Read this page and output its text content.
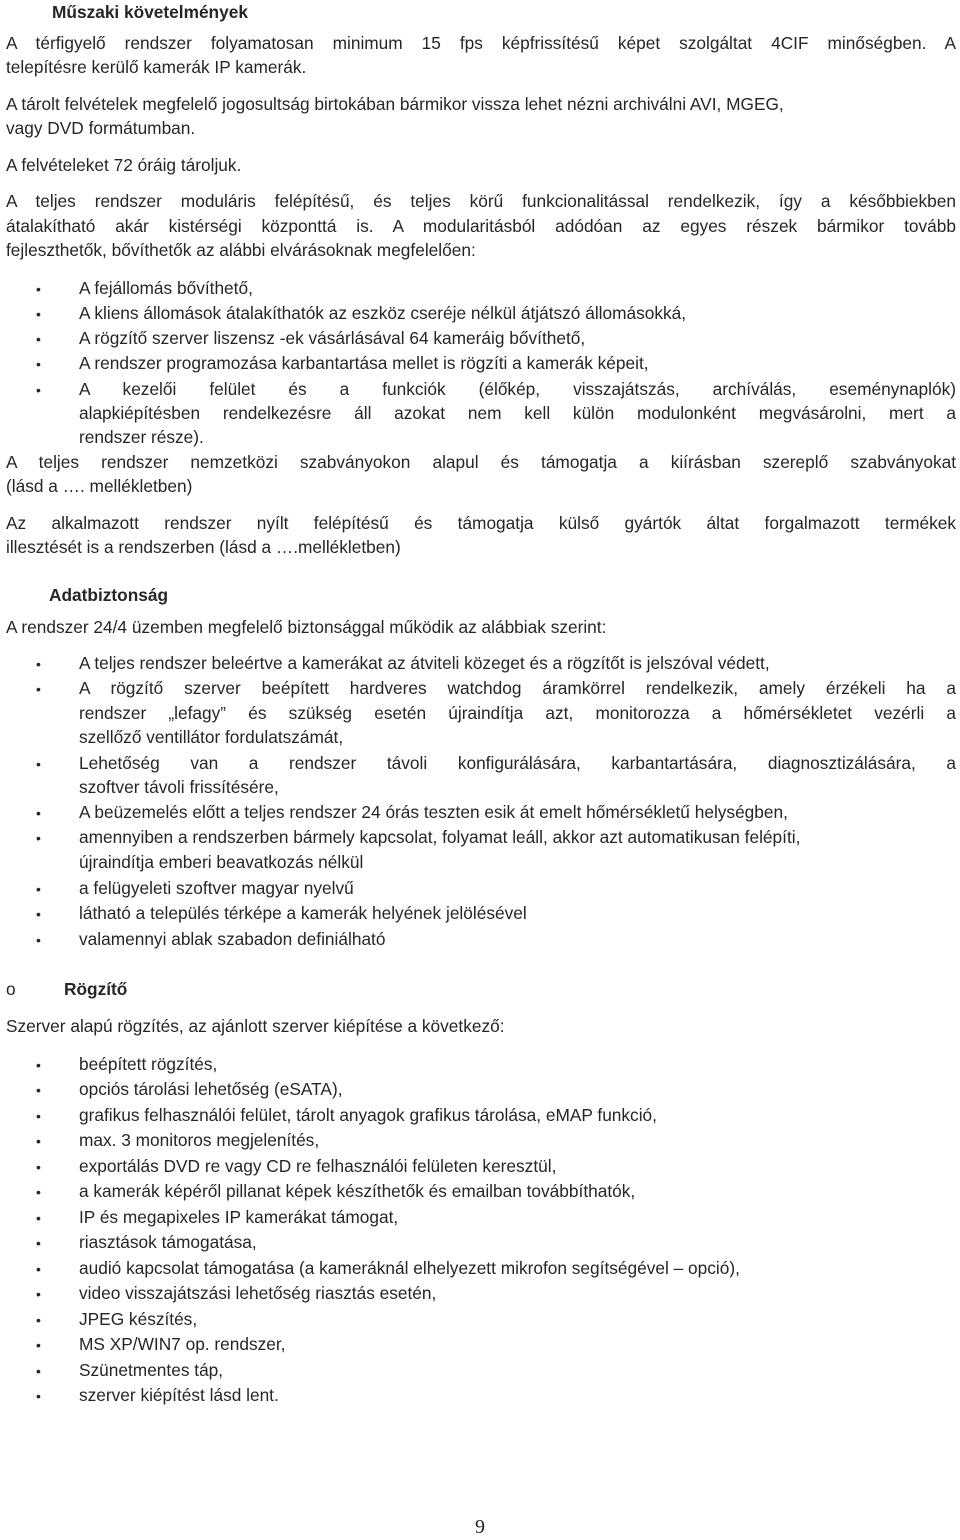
Műszaki követelmények

A térfigyelő rendszer folyamatosan minimum 15 fps képfrissítésű képet szolgáltat 4CIF minőségben. A

telepítésre kerülő kamerák IP kamerák.

A tárolt felvételek megfelelő jogosultság birtokában bármikor vissza lehet nézni archiválni AVI, MGEG,

vagy DVD formátumban.

A felvételeket 72 óráig tároljuk.

A teljes rendszer moduláris felépítésű, és teljes körű funkcionalitással rendelkezik, így a későbbiekben

átalakítható akár kistérségi központtá is. A modularitásból adódóan az egyes részek bármikor tovább

fejleszthetők, bővíthetők az alábbi elvárásoknak megfelelően:

• A fejállomás bővíthető,

• A kliens állomások átalakíthatók az eszköz cseréje nélkül átjátszó állomásokká,

• A rögzítő szerver liszensz -ek vásárlásával 64 kameráig bővíthető,

• A rendszer programozása karbantartása mellet is rögzíti a kamerák képeit,

• A kezelői felület és a funkciók (élőkép, visszajátszás, archíválás, eseménynaplók)

alapkiépítésben rendelkezésre áll azokat nem kell külön modulonként megvásárolni, mert a

rendszer része).

A teljes rendszer nemzetközi szabványokon alapul és támogatja a kiírásban szereplő szabványokat

(lásd a …. mellékletben)

Az alkalmazott rendszer nyílt felépítésű és támogatja külső gyártók áltat forgalmazott termékek

illesztését is a rendszerben (lásd a ….mellékletben)

Adatbiztonság

A rendszer 24/4 üzemben megfelelő biztonsággal működik az alábbiak szerint:

• A teljes rendszer beleértve a kamerákat az átviteli közeget és a rögzítőt is jelszóval védett,

• A rögzítő szerver beépített hardveres watchdog áramkörrel rendelkezik, amely érzékeli ha a

rendszer „lefagy” és szükség esetén újraindítja azt, monitorozza a hőmérsékletet vezérli a

szellőző ventillátor fordulatszámát,

• Lehetőség van a rendszer távoli konfigurálására, karbantartására, diagnosztizálására, a

szoftver távoli frissítésére,

• A beüzemelés előtt a teljes rendszer 24 órás teszten esik át emelt hőmérsékletű helységben,

• amennyiben a rendszerben bármely kapcsolat, folyamat leáll, akkor azt automatikusan felépíti,

újraindítja emberi beavatkozás nélkül

• a felügyeleti szoftver magyar nyelvű

• látható a település térképe a kamerák helyének jelölésével

• valamennyi ablak szabadon definiálható

o	Rögzítő

Szerver alapú rögzítés, az ajánlott szerver kiépítése a következő:

• beépített rögzítés,

• opciós tárolási lehetőség (eSATA),

• grafikus felhasználói felület, tárolt anyagok grafikus tárolása, eMAP funkció,

• max. 3 monitoros megjelenítés,

• exportálás DVD re vagy CD re felhasználói felületen keresztül,

• a kamerák képéről pillanat képek készíthetők és emailban továbbíthatók,

• IP és megapixeles IP kamerákat támogat,

• riasztások támogatása,

• audió kapcsolat támogatása (a kameráknál elhelyezett mikrofon segítségével – opció),

• video visszajátszási lehetőség riasztás esetén,

• JPEG készítés,

• MS XP/WIN7 op. rendszer,

• Szünetmentes táp,

• szerver kiépítést lásd lent.

9
